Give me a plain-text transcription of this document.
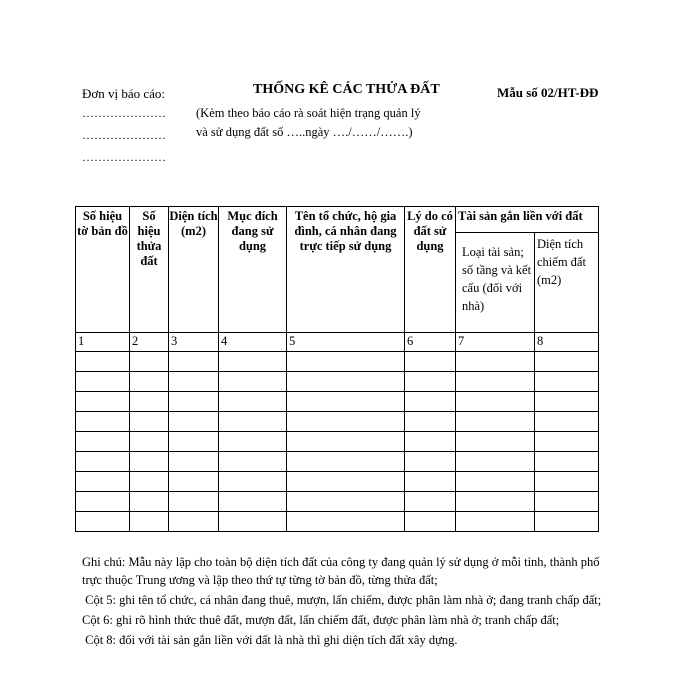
Đơn vị báo cáo:
…………………
…………………
…………………
THỐNG KÊ CÁC THỬA ĐẤT
(Kèm theo báo cáo rà soát hiện trạng quản lý
và sử dụng đất số …..ngày …./……/…….)
Mẫu số 02/HT-ĐĐ
Số hiệu tờ bản đồ	Số hiệu thửa đất	Diện tích (m2)	Mục đích đang sử dụng	Tên tổ chức, hộ gia đình, cá nhân đang trực tiếp sử dụng	Lý do có đất sử dụng	Tài sản gắn liền với đất	
						Loại tài sản; số tầng và kết cấu (đối với nhà)	Diện tích chiếm đất (m2)
1	2	3	4	5	6	7	8

Ghi chú: Mẫu này lập cho toàn bộ diện tích đất của công ty đang quản lý sử dụng ở mỗi tỉnh, thành phố trực thuộc Trung ương và lập theo thứ tự từng tờ bản đồ, từng thửa đất;

Cột 5: ghi tên tổ chức, cá nhân đang thuê, mượn, lấn chiếm, được phân làm nhà ở; đang tranh chấp đất;

Cột 6: ghi rõ hình thức thuê đất, mượn đất, lấn chiếm đất, được phân làm nhà ở; tranh chấp đất;

Cột 8: đối với tài sản gắn liền với đất là nhà thì ghi diện tích đất xây dựng.
